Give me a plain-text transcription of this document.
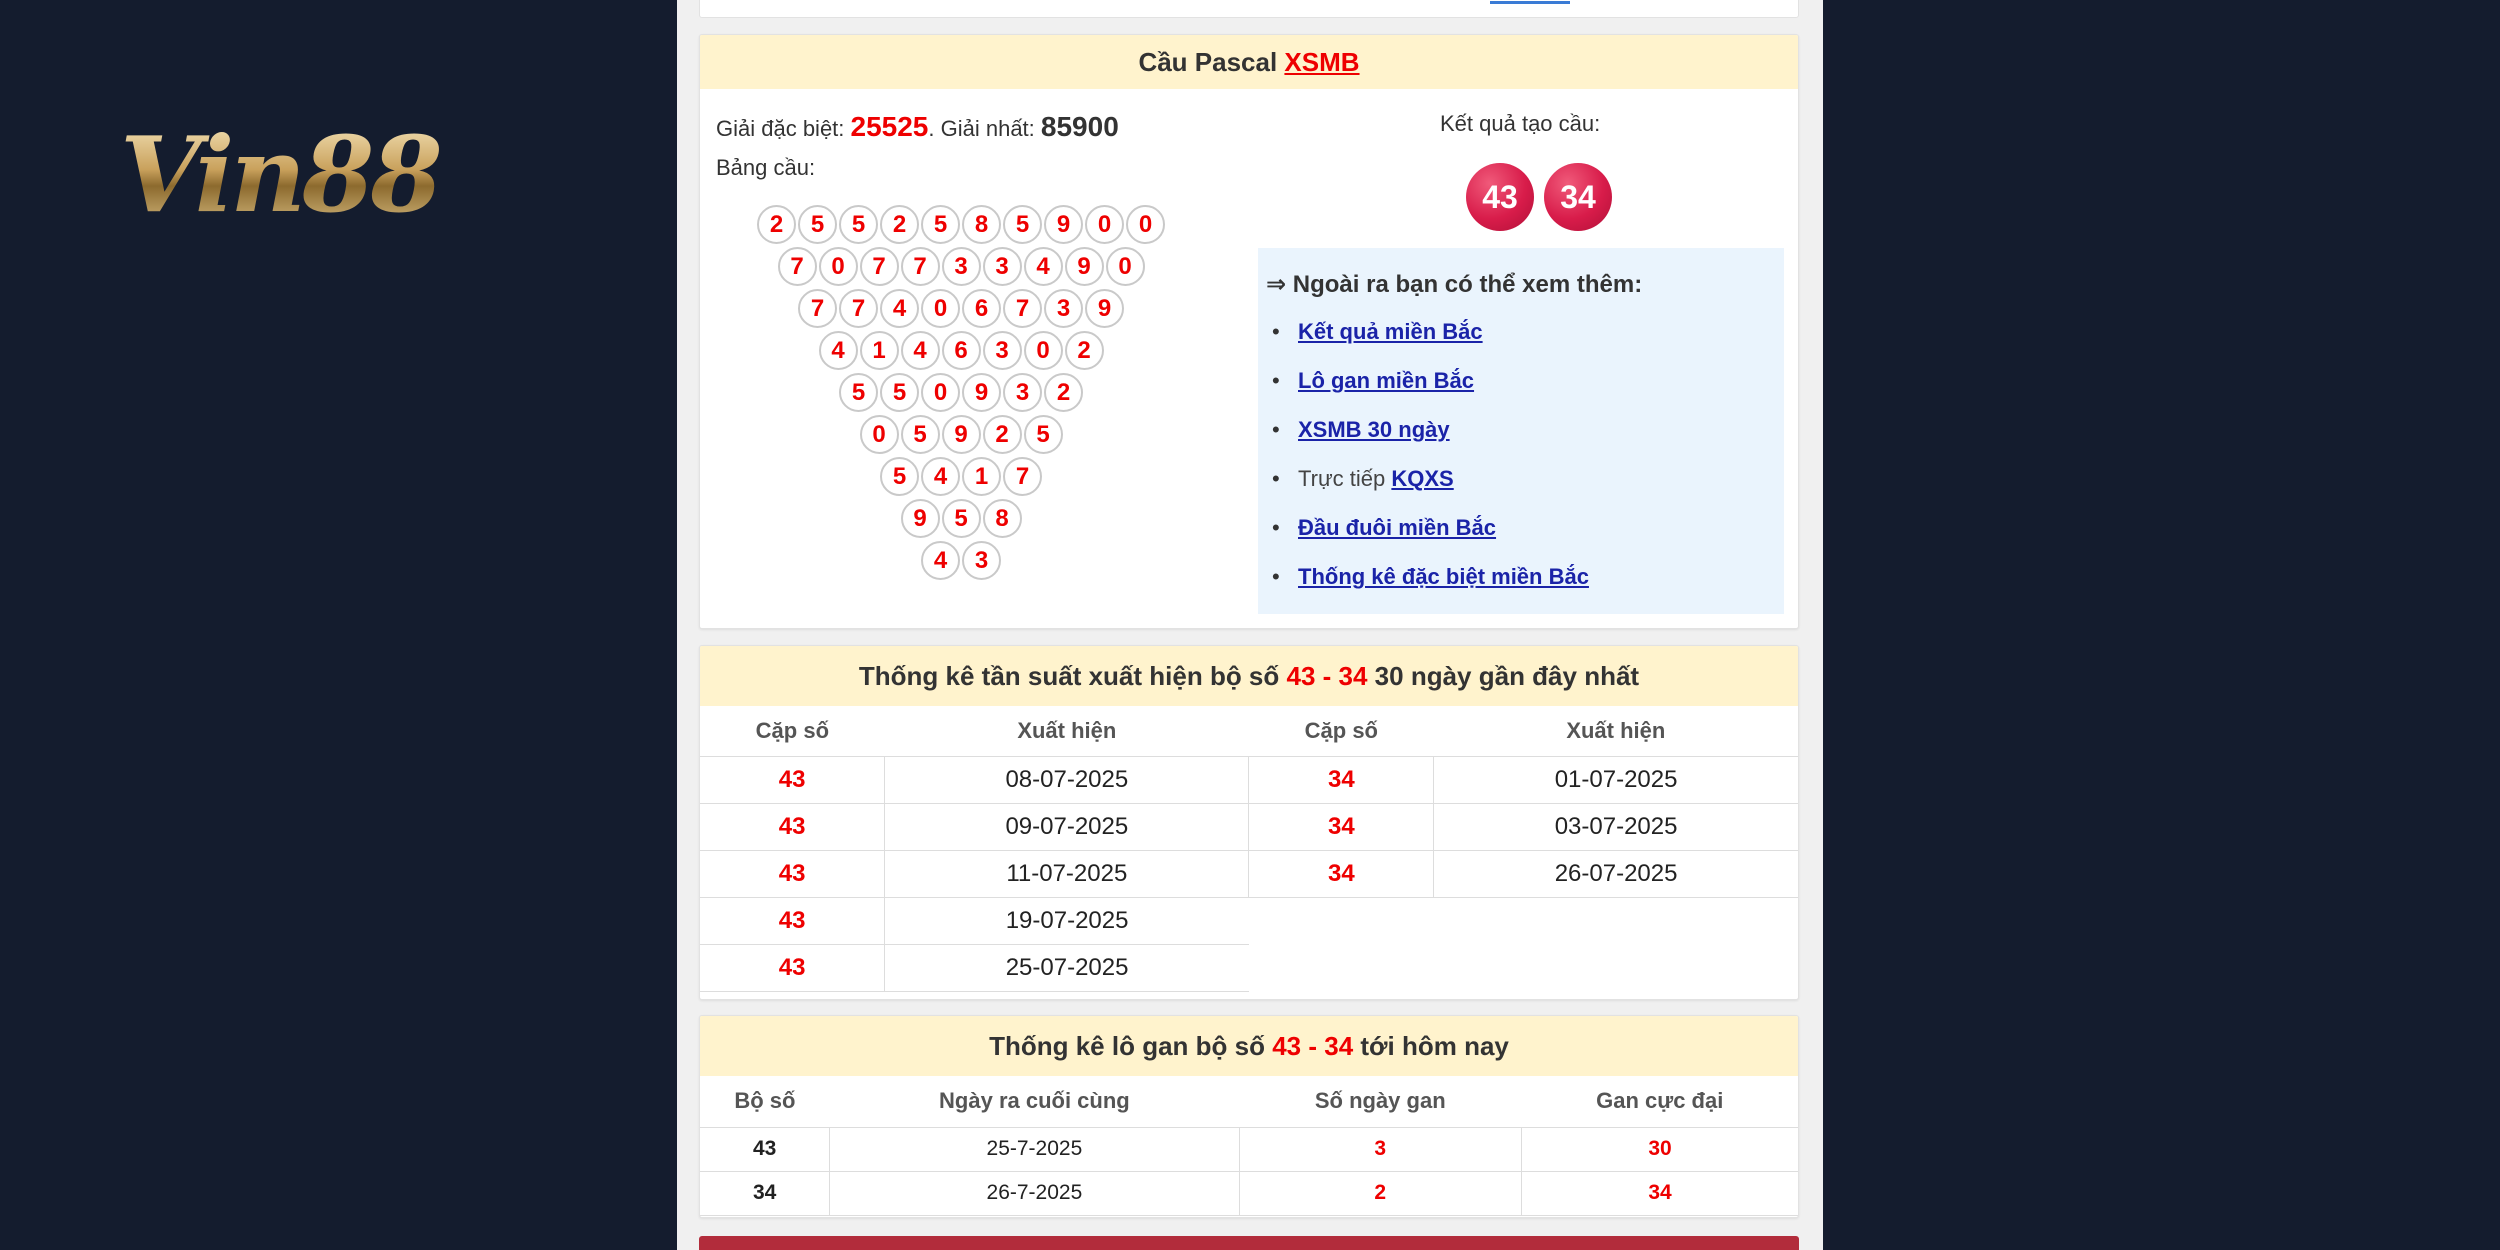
Vin88
Cầu Pascal XSMB
Giải đặc biệt: 25525. Giải nhất: 85900
Bảng cầu:
2	5	5	2	5	8	5	9	0	0
7	0	7	7	3	3	4	9	0
7	7	4	0	6	7	3	9
4	1	4	6	3	0	2
5	5	0	9	3	2
0	5	9	2	5
5	4	1	7
9	5	8
4	3
Kết quả tạo cầu:
43	34
⇒ Ngoài ra bạn có thể xem thêm:
• Kết quả miền Bắc
• Lô gan miền Bắc
• XSMB 30 ngày
• Trực tiếp KQXS
• Đầu đuôi miền Bắc
• Thống kê đặc biệt miền Bắc
Thống kê tần suất xuất hiện bộ số 43 - 34 30 ngày gần đây nhất
Cặp số	Xuất hiện	Cặp số	Xuất hiện
43	08-07-2025	34	01-07-2025
43	09-07-2025	34	03-07-2025
43	11-07-2025	34	26-07-2025
43	19-07-2025		
43	25-07-2025		
Thống kê lô gan bộ số 43 - 34 tới hôm nay
Bộ số	Ngày ra cuối cùng	Số ngày gan	Gan cực đại
43	25-7-2025	3	30
34	26-7-2025	2	34
